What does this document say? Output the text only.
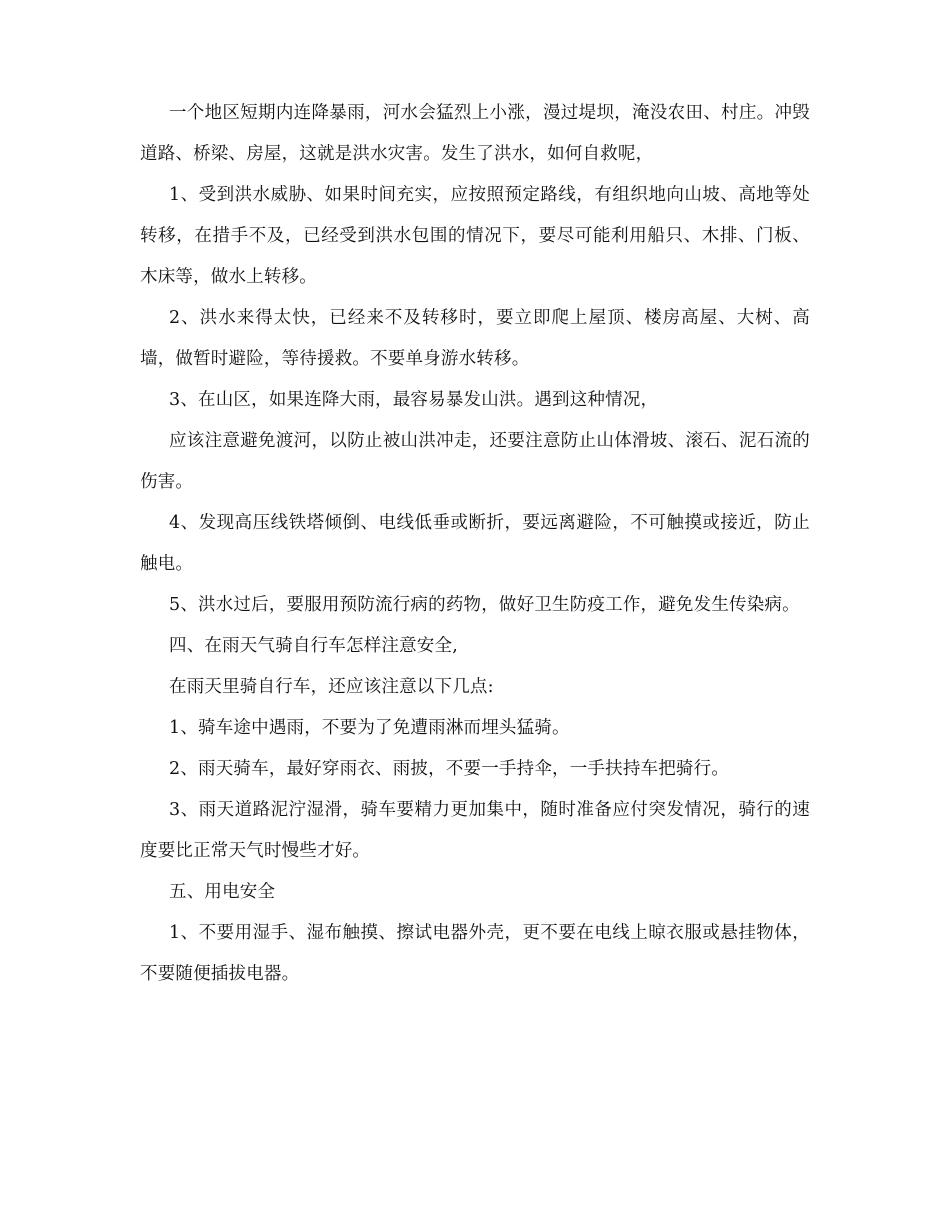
一个地区短期内连降暴雨，河水会猛烈上小涨，漫过堤坝，淹没农田、村庄。冲毁道路、桥梁、房屋，这就是洪水灾害。发生了洪水，如何自救呢，

1、受到洪水威胁、如果时间充实，应按照预定路线，有组织地向山坡、高地等处转移，在措手不及，已经受到洪水包围的情况下，要尽可能利用船只、木排、门板、木床等，做水上转移。

2、洪水来得太快，已经来不及转移时，要立即爬上屋顶、楼房高屋、大树、高墙，做暂时避险，等待援救。不要单身游水转移。

3、在山区，如果连降大雨，最容易暴发山洪。遇到这种情况，

应该注意避免渡河，以防止被山洪冲走，还要注意防止山体滑坡、滚石、泥石流的伤害。

4、发现高压线铁塔倾倒、电线低垂或断折，要远离避险，不可触摸或接近，防止触电。

5、洪水过后，要服用预防流行病的药物，做好卫生防疫工作，避免发生传染病。

四、在雨天气骑自行车怎样注意安全,

在雨天里骑自行车，还应该注意以下几点:

1、骑车途中遇雨，不要为了免遭雨淋而埋头猛骑。

2、雨天骑车，最好穿雨衣、雨披，不要一手持伞，一手扶持车把骑行。

3、雨天道路泥泞湿滑，骑车要精力更加集中，随时准备应付突发情况，骑行的速度要比正常天气时慢些才好。

五、用电安全

1、不要用湿手、湿布触摸、擦试电器外壳，更不要在电线上晾衣服或悬挂物体，不要随便插拔电器。
